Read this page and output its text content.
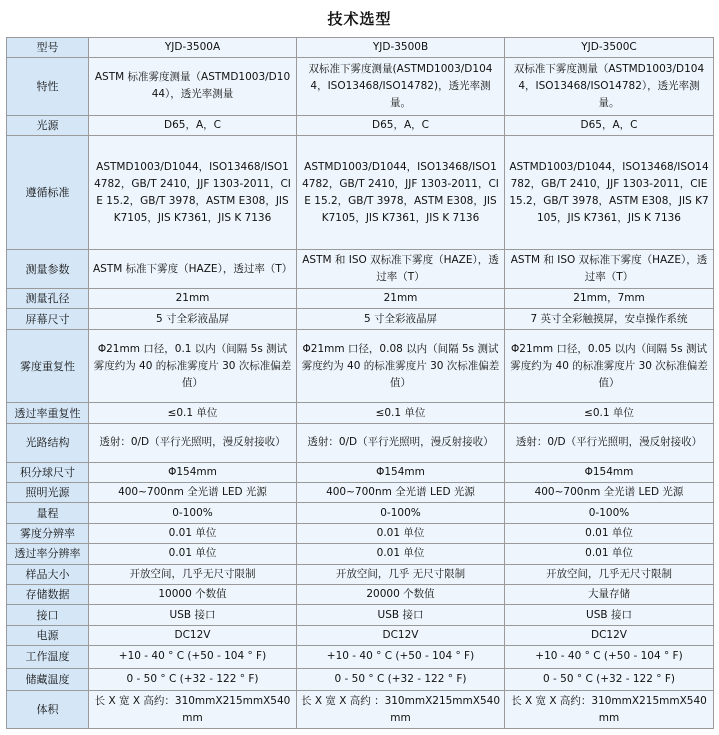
技术选型
型号	YJD-3500A	YJD-3500B	YJD-3500C
特性	ASTM 标准雾度测量（ASTMD1003/D1044），透光率测量	双标准下雾度测量(ASTMD1003/D1044，ISO13468/ISO14782)，透光率测量。	双标准下雾度测量（ASTMD1003/D1044，ISO13468/ISO14782），透光率测量。
光源	D65，A，C	D65，A，C	D65，A，C
遵循标准	ASTMD1003/D1044，ISO13468/ISO14782，GB/T 2410，JJF 1303-2011，CIE 15.2，GB/T 3978，ASTM E308，JIS K7105，JIS K7361，JIS K 7136	ASTMD1003/D1044，ISO13468/ISO14782，GB/T 2410，JJF 1303-2011，CIE 15.2，GB/T 3978，ASTM E308，JIS K7105，JIS K7361，JIS K 7136	ASTMD1003/D1044，ISO13468/ISO14782，GB/T 2410，JJF 1303-2011，CIE 15.2，GB/T 3978，ASTM E308，JIS K7105，JIS K7361，JIS K 7136
测量参数	ASTM 标准下雾度（HAZE），透过率（T）	ASTM 和 ISO 双标准下雾度（HAZE），透过率（T）	ASTM 和 ISO 双标准下雾度（HAZE），透过率（T）
测量孔径	21mm	21mm	21mm，7mm
屏幕尺寸	5 寸全彩液晶屏	5 寸全彩液晶屏	7 英寸全彩触摸屏，安卓操作系统
雾度重复性	Φ21mm 口径，0.1 以内（间隔 5s 测试雾度约为 40 的标准雾度片 30 次标准偏差值）	Φ21mm 口径，0.08 以内（间隔 5s 测试雾度约为 40 的标准雾度片 30 次标准偏差值）	Φ21mm 口径，0.05 以内（间隔 5s 测试雾度约为 40 的标准雾度片 30 次标准偏差值）
透过率重复性	≤0.1 单位	≤0.1 单位	≤0.1 单位
光路结构	透射：0/D（平行光照明，漫反射接收）	透射：0/D（平行光照明，漫反射接收）	透射：0/D（平行光照明，漫反射接收）
积分球尺寸	Φ154mm	Φ154mm	Φ154mm
照明光源	400~700nm 全光谱 LED 光源	400~700nm 全光谱 LED 光源	400~700nm 全光谱 LED 光源
量程	0-100%	0-100%	0-100%
雾度分辨率	0.01 单位	0.01 单位	0.01 单位
透过率分辨率	0.01 单位	0.01 单位	0.01 单位
样品大小	开放空间，几乎无尺寸限制	开放空间，几乎 无尺寸限制	开放空间，几乎无尺寸限制
存储数据	10000 个数值	20000 个数值	大量存储
接口	USB 接口	USB 接口	USB 接口
电源	DC12V	DC12V	DC12V
工作温度	+10 - 40 ° C (+50 - 104 ° F)	+10 - 40 ° C (+50 - 104 ° F)	+10 - 40 ° C (+50 - 104 ° F)
储藏温度	0 - 50 ° C (+32 - 122 ° F)	0 - 50 ° C (+32 - 122 ° F)	0 - 50 ° C (+32 - 122 ° F)
体积	长 X 宽 X 高约：310mmX215mmX540mm	长 X 宽 X 高约 ：310mmX215mmX540mm	长 X 宽 X 高约：310mmX215mmX540mm
